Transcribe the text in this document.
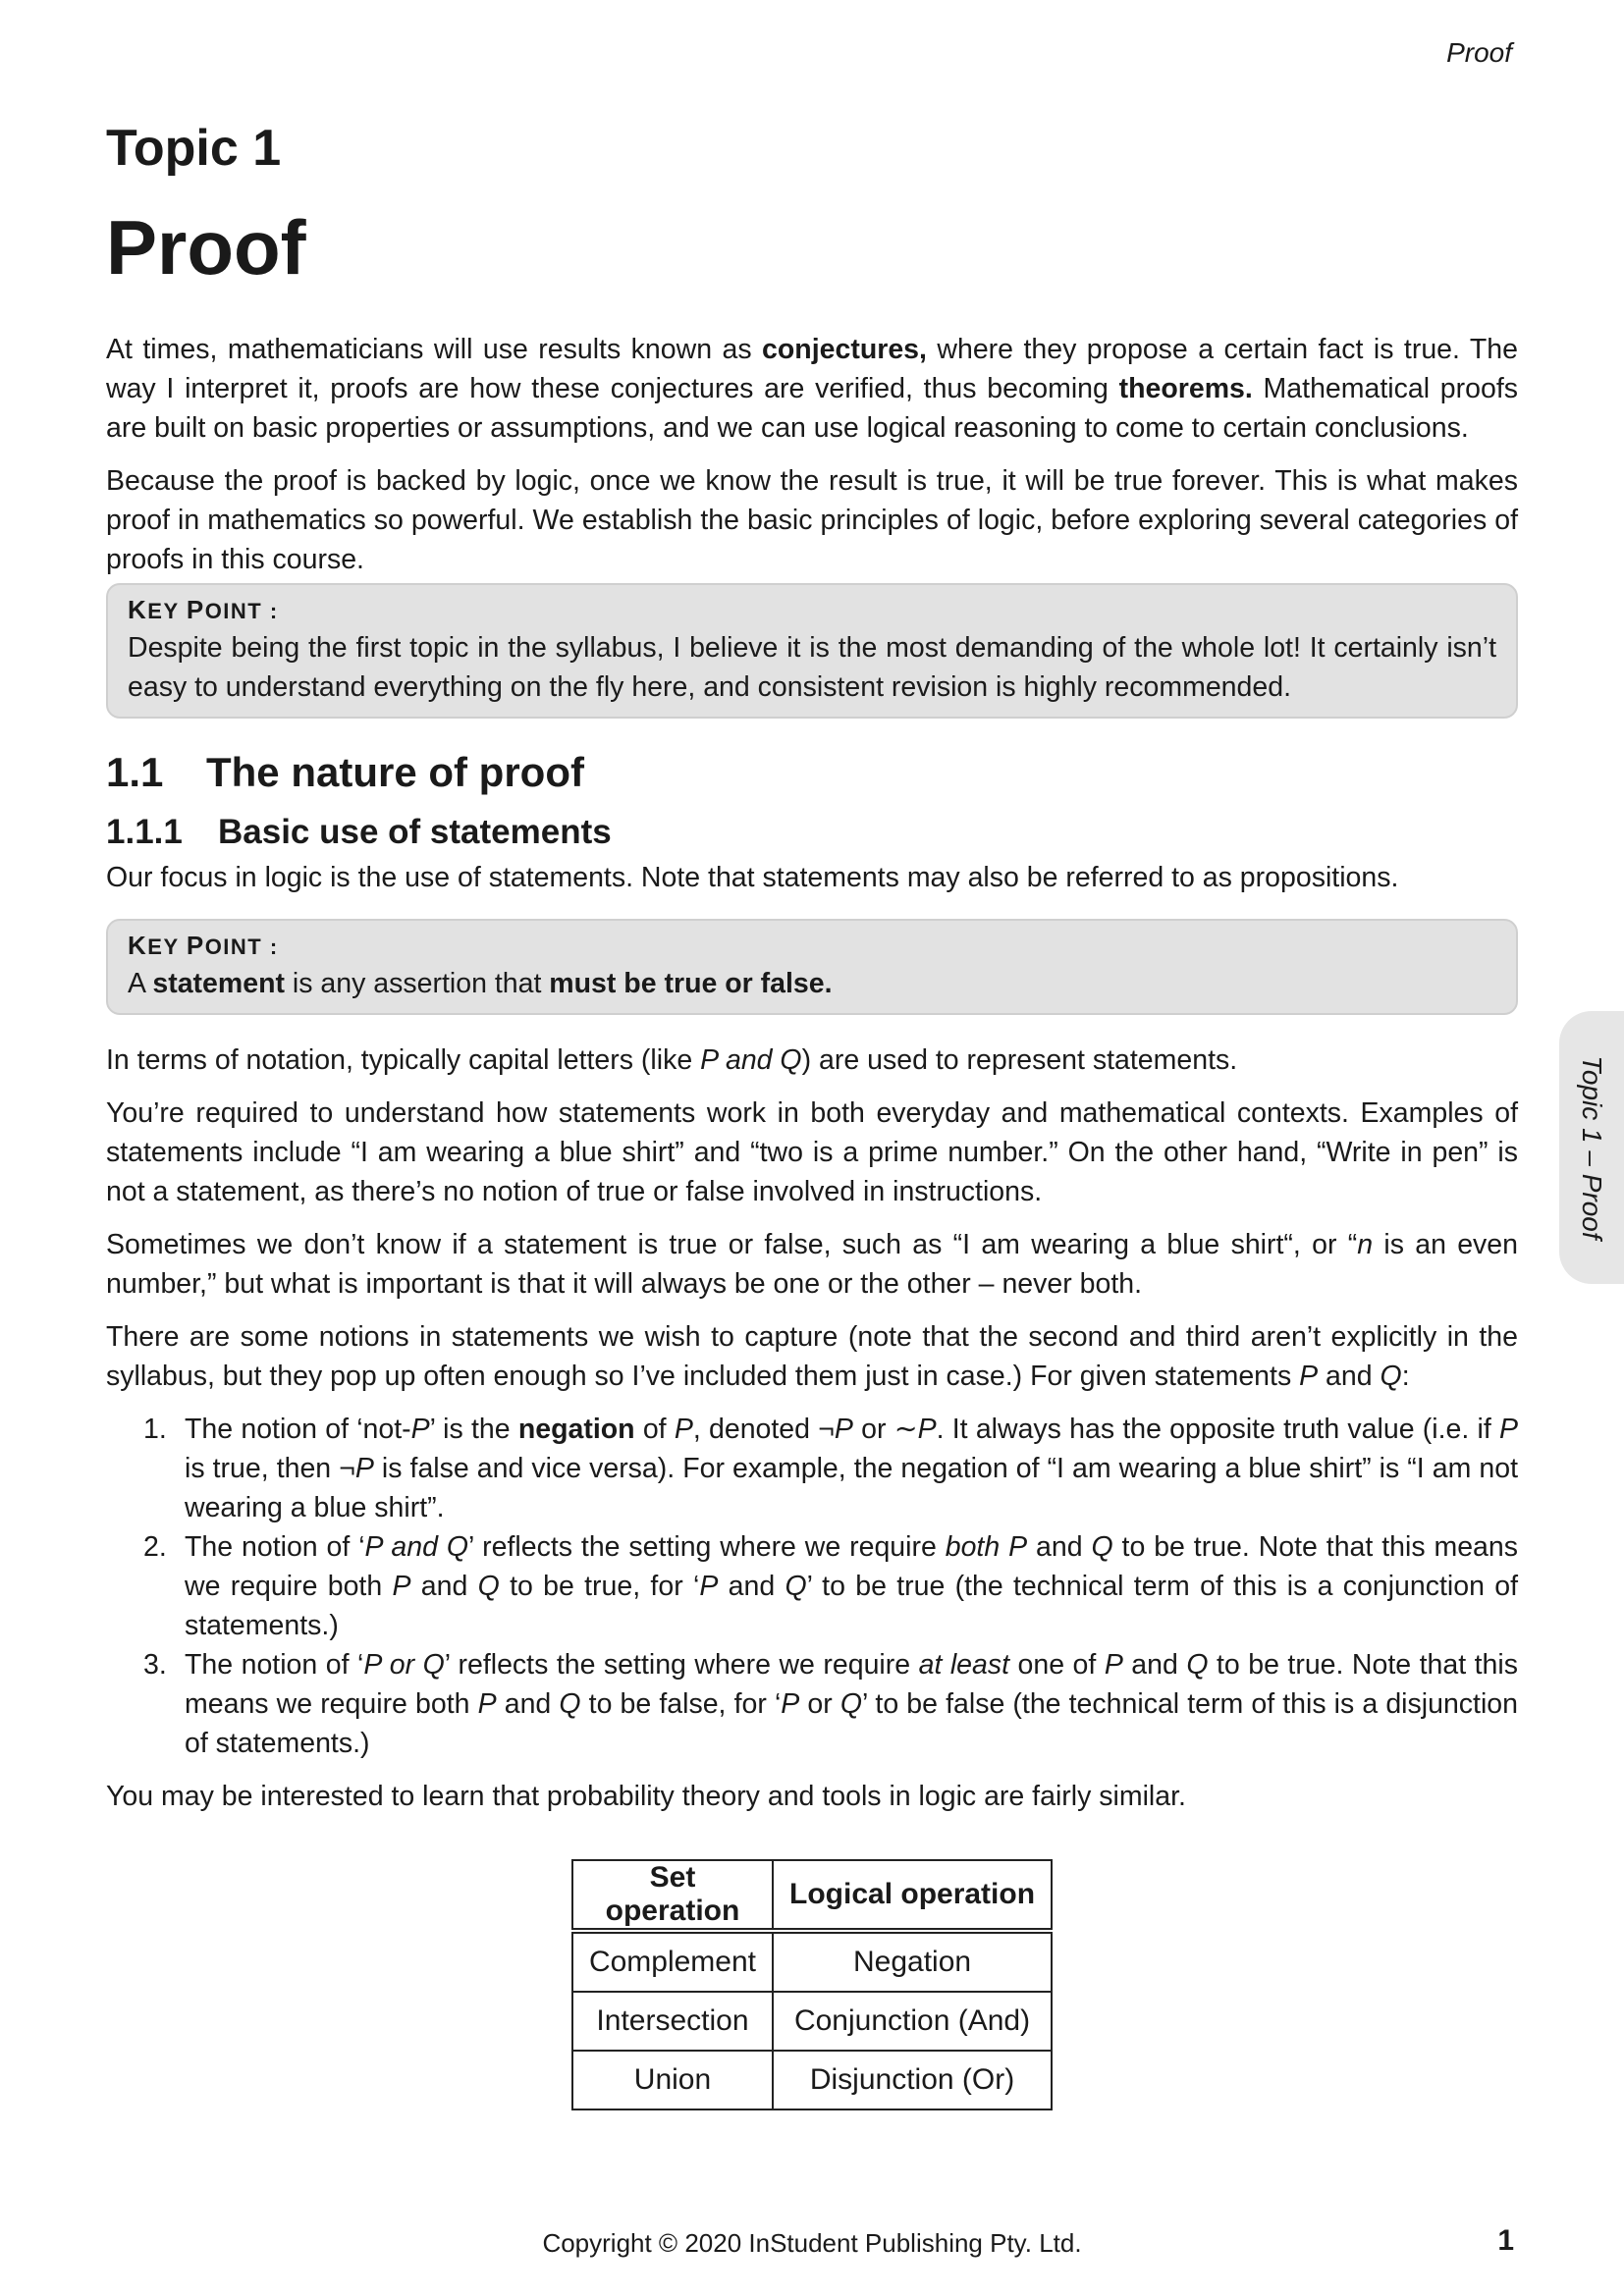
Proof
Topic 1
Proof

At times, mathematicians will use results known as conjectures, where they propose a certain fact is true. The way I interpret it, proofs are how these conjectures are verified, thus becoming theorems. Mathematical proofs are built on basic properties or assumptions, and we can use logical reasoning to come to certain conclusions.

Because the proof is backed by logic, once we know the result is true, it will be true forever. This is what makes proof in mathematics so powerful. We establish the basic principles of logic, before exploring several categories of proofs in this course.

KEY POINT :
Despite being the first topic in the syllabus, I believe it is the most demanding of the whole lot! It certainly isn’t easy to understand everything on the fly here, and consistent revision is highly recommended.
1.1 The nature of proof
1.1.1 Basic use of statements

Our focus in logic is the use of statements. Note that statements may also be referred to as propositions.

KEY POINT :
A statement is any assertion that must be true or false.

In terms of notation, typically capital letters (like P and Q) are used to represent statements.

You’re required to understand how statements work in both everyday and mathematical contexts. Examples of statements include “I am wearing a blue shirt” and “two is a prime number.” On the other hand, “Write in pen” is not a statement, as there’s no notion of true or false involved in instructions.

Sometimes we don’t know if a statement is true or false, such as “I am wearing a blue shirt“, or “n is an even number,” but what is important is that it will always be one or the other – never both.

There are some notions in statements we wish to capture (note that the second and third aren’t explicitly in the syllabus, but they pop up often enough so I’ve included them just in case.) For given statements P and Q:

1. The notion of ‘not-P’ is the negation of P, denoted ¬P or ∼P. It always has the opposite truth value (i.e. if P is true, then ¬P is false and vice versa). For example, the negation of “I am wearing a blue shirt” is “I am not wearing a blue shirt”.
2. The notion of ‘P and Q’ reflects the setting where we require both P and Q to be true. Note that this means we require both P and Q to be true, for ‘P and Q’ to be true (the technical term of this is a conjunction of statements.)
3. The notion of ‘P or Q’ reflects the setting where we require at least one of P and Q to be true. Note that this means we require both P and Q to be false, for ‘P or Q’ to be false (the technical term of this is a disjunction of statements.)

You may be interested to learn that probability theory and tools in logic are fairly similar.

Set operation	Logical operation
Complement	Negation
Intersection	Conjunction (And)
Union	Disjunction (Or)
Topic 1 – Proof
Copyright © 2020 InStudent Publishing Pty. Ltd.	1
